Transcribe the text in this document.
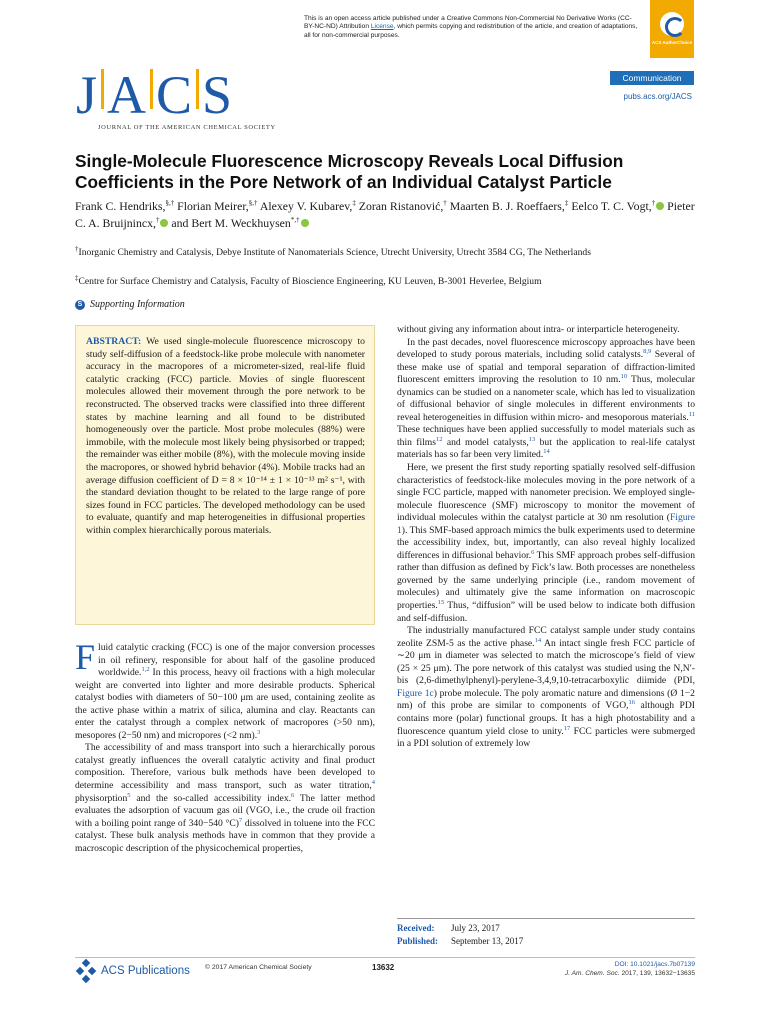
This is an open access article published under a Creative Commons Non-Commercial No Derivative Works (CC-BY-NC-ND) Attribution License, which permits copying and redistribution of the article, and creation of adaptations, all for non-commercial purposes.
ACS AuthorChoice
J A C S
JOURNAL OF THE AMERICAN CHEMICAL SOCIETY
Communication
pubs.acs.org/JACS
Single-Molecule Fluorescence Microscopy Reveals Local Diffusion Coefficients in the Pore Network of an Individual Catalyst Particle
Frank C. Hendriks,§,† Florian Meirer,§,† Alexey V. Kubarev,‡ Zoran Ristanović,† Maarten B. J. Roeffaers,‡ Eelco T. C. Vogt,† Pieter C. A. Bruijnincx,† and Bert M. Weckhuysen*,†
†Inorganic Chemistry and Catalysis, Debye Institute of Nanomaterials Science, Utrecht University, Utrecht 3584 CG, The Netherlands
‡Centre for Surface Chemistry and Catalysis, Faculty of Bioscience Engineering, KU Leuven, B-3001 Heverlee, Belgium
S Supporting Information
ABSTRACT: We used single-molecule fluorescence microscopy to study self-diffusion of a feedstock-like probe molecule with nanometer accuracy in the macropores of a micrometer-sized, real-life fluid catalytic cracking (FCC) particle. Movies of single fluorescent molecules allowed their movement through the pore network to be reconstructed. The observed tracks were classified into three different states by machine learning and all found to be distributed homogeneously over the particle. Most probe molecules (88%) were immobile, with the molecule most likely being physisorbed or trapped; the remainder was either mobile (8%), with the molecule moving inside the macropores, or showed hybrid behavior (4%). Mobile tracks had an average diffusion coefficient of D = 8 × 10⁻¹⁴ ± 1 × 10⁻¹³ m² s⁻¹, with the standard deviation thought to be related to the large range of pore sizes found in FCC particles. The developed methodology can be used to evaluate, quantify and map heterogeneities in diffusional properties within complex hierarchically porous materials.

Fluid catalytic cracking (FCC) is one of the major conversion processes in oil refinery, responsible for about half of the gasoline produced worldwide.$^{1,2}$ In this process, heavy oil fractions with a high molecular weight are converted into lighter and more desirable products. Spherical catalyst bodies with diameters of 50−100 μm are used, containing zeolite as the active phase within a matrix of silica, alumina and clay. Reactants can enter the catalyst through a complex network of macropores (>50 nm), mesopores (2−50 nm) and micropores (<2 nm).$^3$

The accessibility of and mass transport into such a hierarchically porous catalyst greatly influences the overall catalytic activity and final product composition. Therefore, various bulk methods have been developed to determine accessibility and mass transport, such as water titration,$^4$ physisorption$^5$ and the so-called accessibility index.$^6$ The latter method evaluates the adsorption of vacuum gas oil (VGO, i.e., the crude oil fraction with a boiling point range of 340−540 °C)$^7$ dissolved in toluene into the FCC catalyst. These bulk analysis methods have in common that they provide a macroscopic description of the physicochemical properties,

without giving any information about intra- or interparticle heterogeneity.

In the past decades, novel fluorescence microscopy approaches have been developed to study porous materials, including solid catalysts.$^{8,9}$ Several of these make use of spatial and temporal separation of diffraction-limited fluorescent emitters improving the resolution to 10 nm.$^{10}$ Thus, molecular dynamics can be studied on a nanometer scale, which has led to visualization of diffusional behavior of single molecules in different environments to reveal heterogeneities in diffusion within micro- and mesoporous materials.$^{11}$ These techniques have been applied successfully to model materials such as thin films$^{12}$ and model catalysts,$^{13}$ but the application to real-life catalyst materials has so far been very limited.$^{14}$

Here, we present the first study reporting spatially resolved self-diffusion characteristics of feedstock-like molecules moving in the pore network of a single FCC particle, mapped with nanometer precision. We employed single-molecule fluorescence (SMF) microscopy to monitor the movement of individual molecules within the catalyst particle at 30 nm resolution (Figure 1). This SMF-based approach mimics the bulk experiments used to determine the accessibility index, but, importantly, can also reveal highly localized differences in diffusional behavior.$^6$ This SMF approach probes self-diffusion rather than diffusion as defined by Fick’s law. Both processes are nonetheless governed by the same underlying principle (i.e., random movement of molecules) and ultimately give the same information on macroscopic properties.$^{15}$ Thus, “diffusion” will be used below to indicate both diffusion and self-diffusion.

The industrially manufactured FCC catalyst sample under study contains zeolite ZSM-5 as the active phase.$^{14}$ An intact single fresh FCC particle of ∼20 μm in diameter was selected to match the microscope’s field of view (25 × 25 μm). The pore network of this catalyst was studied using the N,N′-bis (2,6-dimethylphenyl)-perylene-3,4,9,10-tetracarboxylic diimide (PDI, Figure 1c) probe molecule. The poly aromatic nature and dimensions (Ø 1−2 nm) of this probe are similar to components of VGO,$^{16}$ although PDI contains more (polar) functional groups. It has a high photostability and a fluorescence quantum yield close to unity.$^{17}$ FCC particles were submerged in a PDI solution of extremely low

Received: July 23, 2017
Published: September 13, 2017
ACS Publications © 2017 American Chemical Society	13632	DOI: 10.1021/jacs.7b07139
J. Am. Chem. Soc. 2017, 139, 13632−13635
